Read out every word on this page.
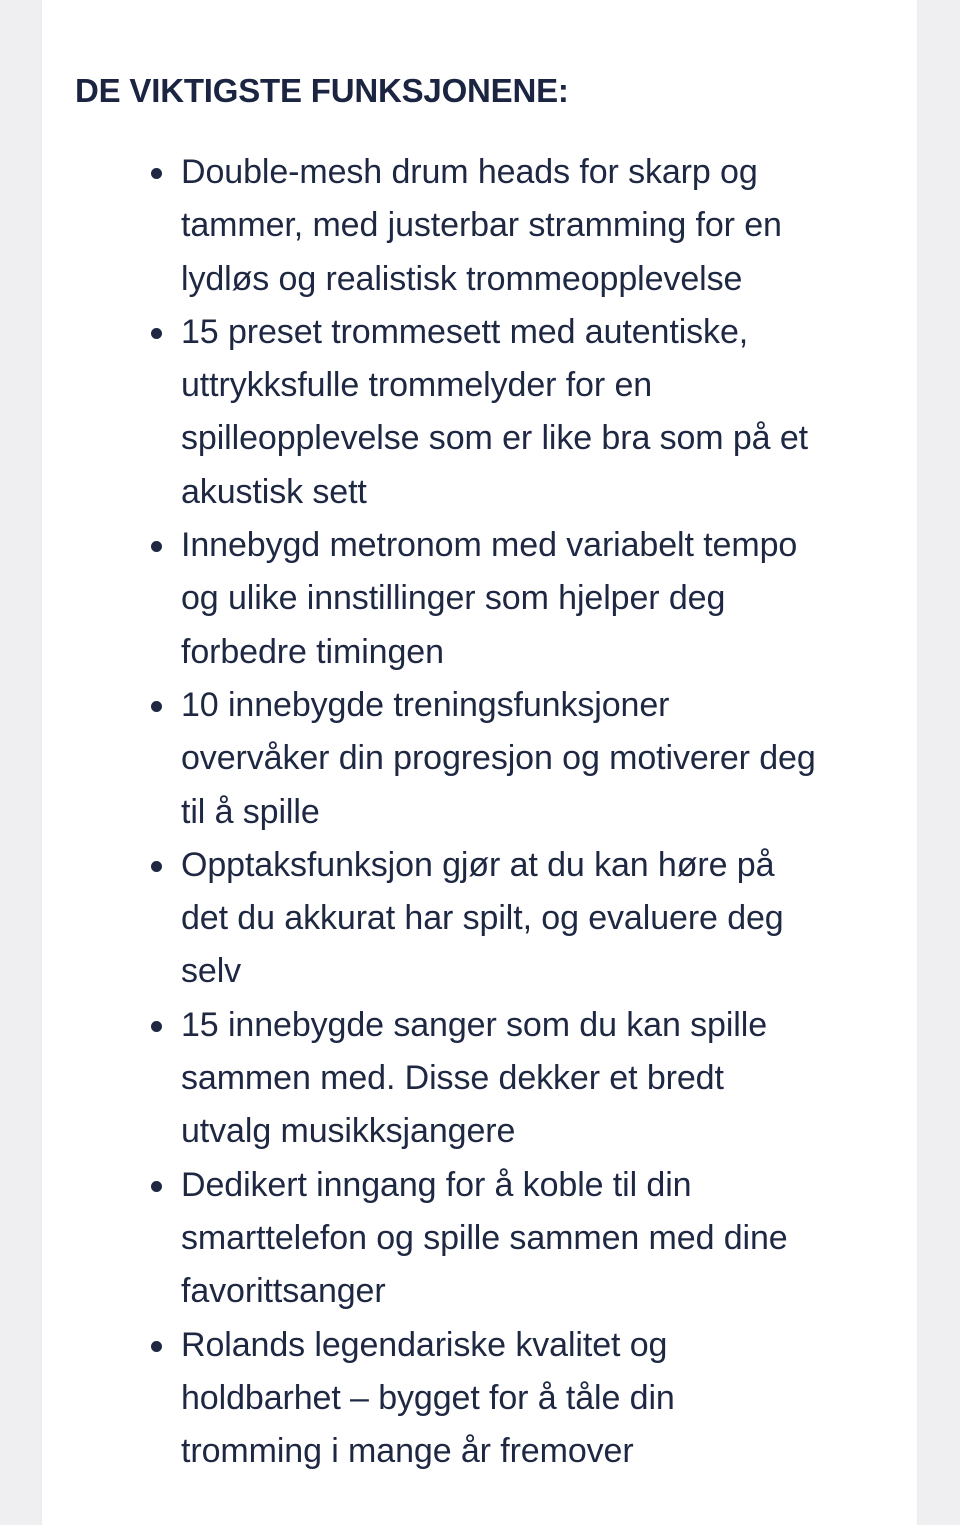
DE VIKTIGSTE FUNKSJONENE:
Double-mesh drum heads for skarp og
tammer, med justerbar stramming for en
lydløs og realistisk trommeopplevelse
15 preset trommesett med autentiske,
uttrykksfulle trommelyder for en
spilleopplevelse som er like bra som på et
akustisk sett
Innebygd metronom med variabelt tempo
og ulike innstillinger som hjelper deg
forbedre timingen
10 innebygde treningsfunksjoner
overvåker din progresjon og motiverer deg
til å spille
Opptaksfunksjon gjør at du kan høre på
det du akkurat har spilt, og evaluere deg
selv
15 innebygde sanger som du kan spille
sammen med. Disse dekker et bredt
utvalg musikksjangere
Dedikert inngang for å koble til din
smarttelefon og spille sammen med dine
favorittsanger
Rolands legendariske kvalitet og
holdbarhet – bygget for å tåle din
tromming i mange år fremover
